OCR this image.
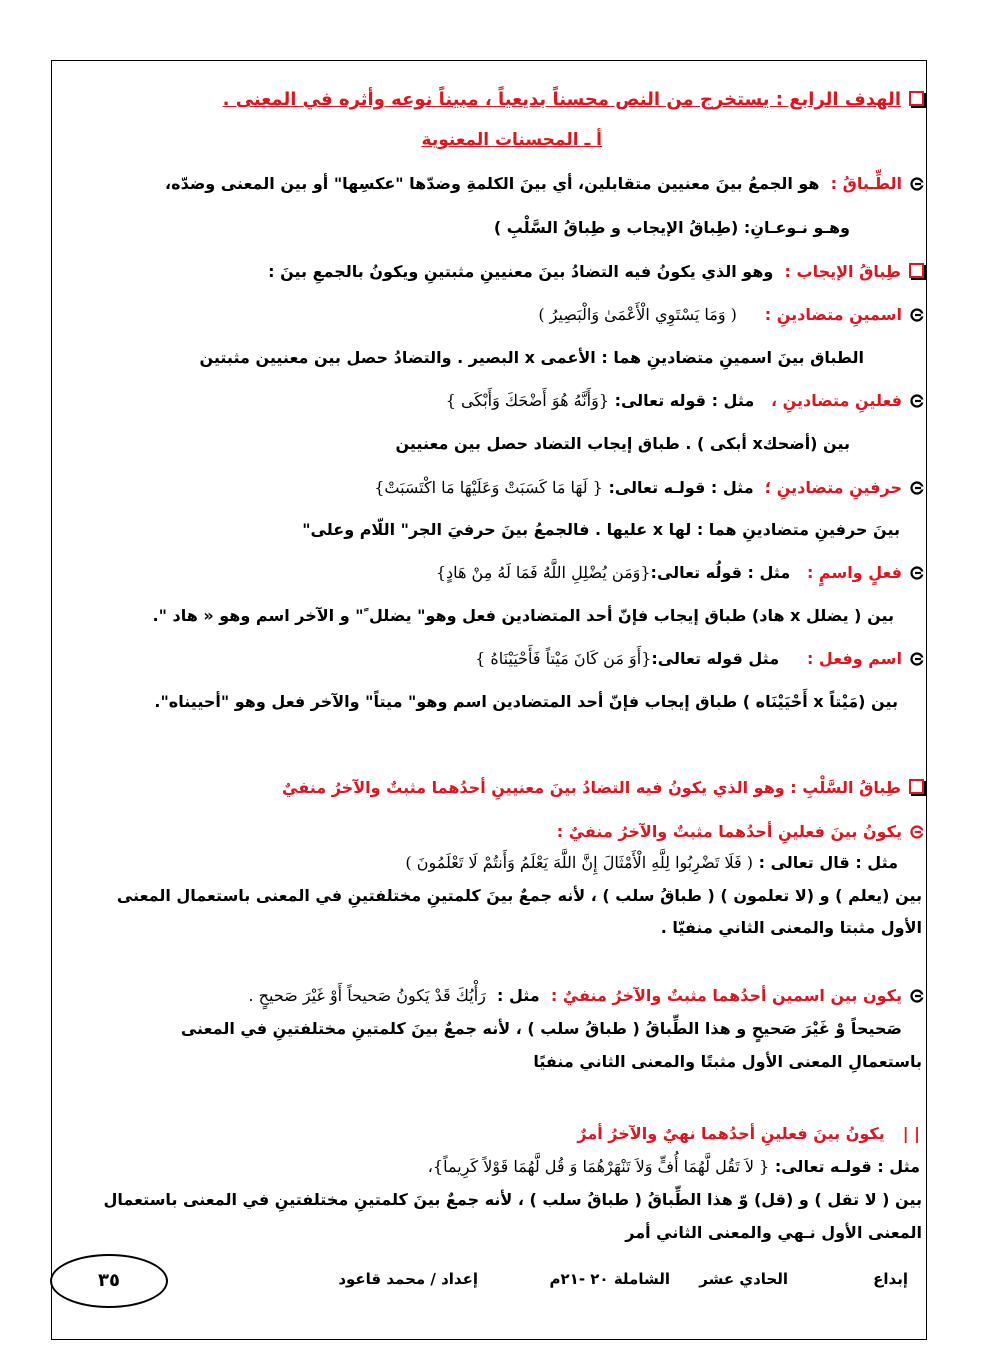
الهدف الرابع : يستخرج من النص محسناً بديعياً ، مبيناً نوعه وأثره في المعنى .
أ ـ المحسنات المعنوية
الطِّـباقُ :  هو الجمعُ بينَ معنيين متقابلين، أي بينَ الكلمةِ وضدّها "عكسِها" أو بين المعنى وضدّه،
وهـو نـوعـانِ: (طِباقُ الإيجاب و طِباقُ السَّلْبِ )
طِباقُ الإيجاب :  وهو الذي يكونُ فيه التضادُ بينَ معنيينِ مثبتينِ ويكونُ بالجمعِ بينَ :
اسمينِ متضادينِ :     ( وَمَا يَسْتَوِي الْأَعْمَىٰ وَالْبَصِيرُ )
الطباق بينَ اسمينِ متضادينِ هما : الأعمى x البصير . والتضادُ حصل بين معنيين مثبتين
فعلينِ متضادينِ ،   مثل : قوله تعالى: {وَأَنَّهُ هُوَ أَضْحَكَ وَأَبْكَى }
بين (أضحكx أبكى ) . طباق إيجاب التضاد حصل بين معنيين
حرفينِ متضادينِ ؛  مثل : قولـه تعالى: { لَهَا مَا كَسَبَتْ وَعَلَيْهَا مَا اكْتَسَبَتْ}
بينَ حرفينِ متضادينِ هما : لها x عليها . فالجمعُ بينَ حرفيَ الجر" اللّام وعلى"
فعلٍ واسمٍ :   مثل : قولُه تعالى:{وَمَن يُضْلِلِ اللَّهُ فَمَا لَهُ مِنْ هَادٍ}
بين ( يضلل x هاد) طباق إيجاب فإنّ أحد المتضادين فعل وهو" يضلل ً" و الآخر اسم وهو « هاد ".
اسم وفعل :     مثل قوله تعالى:{أَوَ مَن كَانَ مَيْتاً فَأَحْيَيْنَاهُ }
بين (مَيْتاً x أَحْيَيْنَاه ) طباق إيجاب فإنّ أحد المتضادين اسم وهو" ميتاً" والآخر فعل وهو "أحييناه".
طِباقُ السَّلْبِ : وهو الذي يكونُ فيه التضادُ بينَ معنيينِ أحدُهما مثبتٌ والآخرُ منفيٌ
يكونُ بينَ فعلينِ أحدُهما مثبتٌ والآخرُ منفيٌ :
مثل : قال تعالى : ( فَلَا تَضْرِبُوا لِلَّهِ الْأَمْثَالَ إِنَّ اللَّهَ يَعْلَمُ وَأَنتُمْ لَا تَعْلَمُونَ )
بين (يعلم ) و (لا تعلمون ) ( طباقُ سلب ) ، لأنه جمعٌ بينَ كلمتينِ مختلفتينِ في المعنى باستعمال المعنى
الأول مثبتا والمعنى الثاني منفيّا .
يكون بين اسمين أحدُهما مثبتٌ والآخرُ منفيٌ :  مثل :  رَأْيُكَ قَدْ يَكونُ صَحيحاً أَوْ غَيْرَ صَحيحٍ .
صَحيحاً وْ غَيْرَ صَحيحٍ و هذا الطِّباقُ ( طباقُ سلب ) ، لأنه جمعٌ بينَ كلمتينِ مختلفتينِ في المعنى
باستعمالِ المعنى الأول مثبتًا والمعنى الثاني منفيًا
| |يكونُ بينَ فعلينِ أحدُهما نهيٌ والآخرُ أمرٌ
مثل : قولـه تعالى: { لاَ تَقُل لَّهُمَا أُفٍّ وَلاَ تَنْهَرْهُمَا وَ قُل لَّهُمَا قَوْلاً كَرِيماً}،
بين ( لا تقل ) و (قل) وّ هذا الطِّباقُ ( طباقُ سلب ) ، لأنه جمعٌ بينَ كلمتينِ مختلفتينِ في المعنى باستعمال
المعنى الأول نـهي والمعنى الثاني أمر
إبداع
الحادي عشر
الشاملة ٢٠ -٢١م
إعداد / محمد قاعود
٣٥
